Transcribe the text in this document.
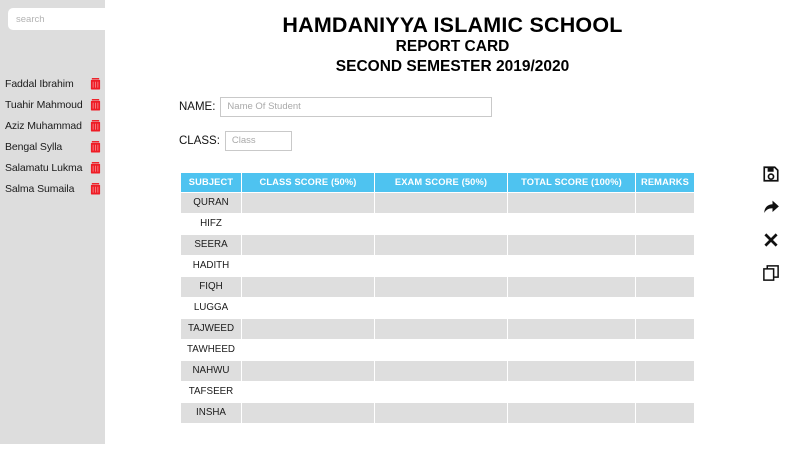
search
Faddal Ibrahim
Tuahir Mahmoud
Aziz Muhammad
Bengal Sylla
Salamatu Lukma
Salma Sumaila
HAMDANIYYA ISLAMIC SCHOOL
REPORT CARD
SECOND SEMESTER 2019/2020
NAME:
Name Of Student
CLASS:
Class
SUBJECT	CLASS SCORE (50%)	EXAM SCORE (50%)	TOTAL SCORE (100%)	REMARKS
QURAN				
HIFZ				
SEERA				
HADITH				
FIQH				
LUGGA				
TAJWEED				
TAWHEED				
NAHWU				
TAFSEER				
INSHA				
